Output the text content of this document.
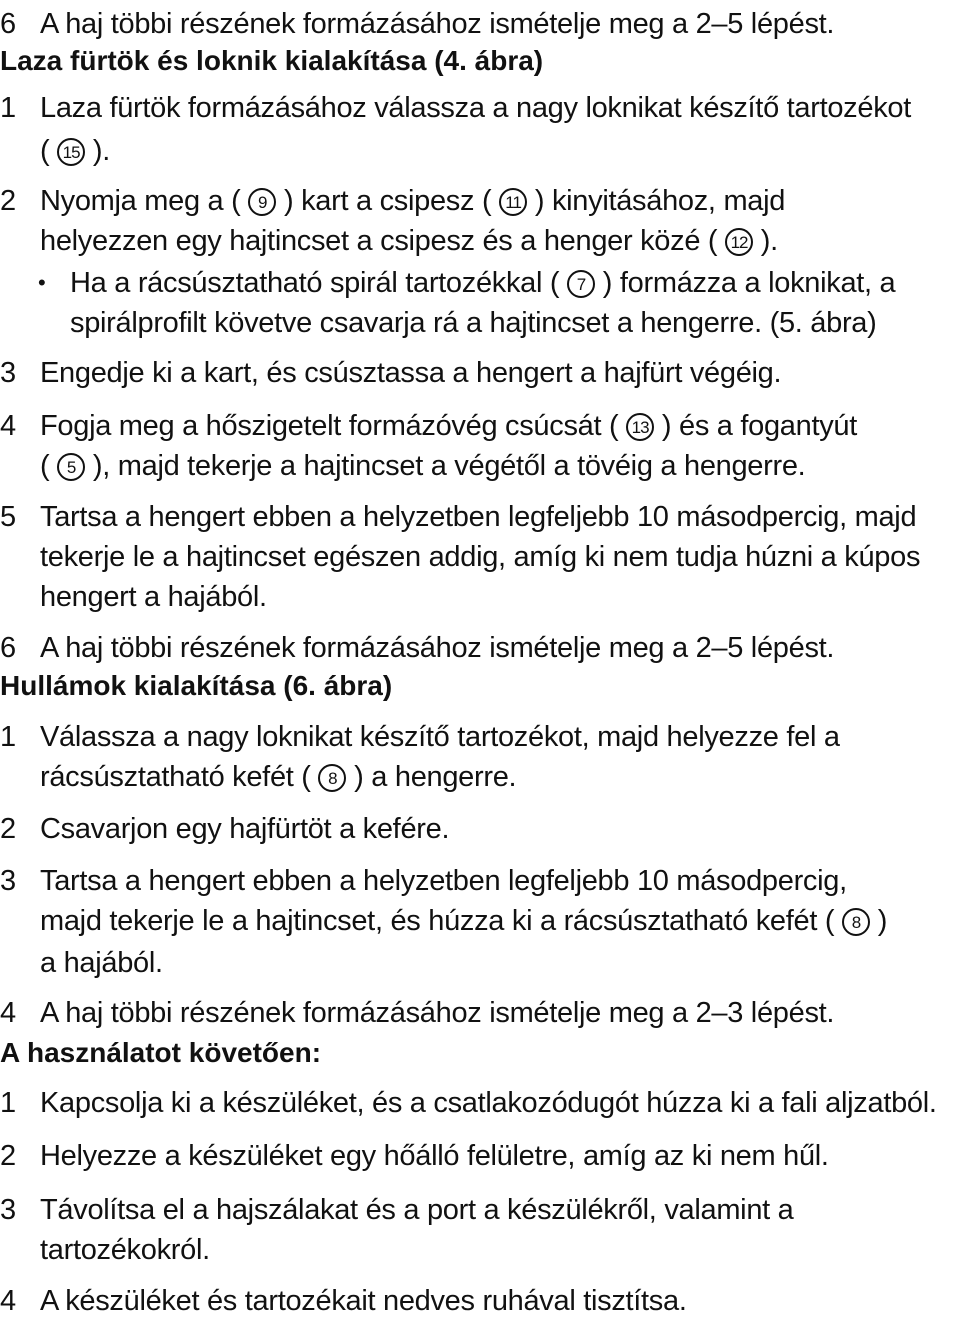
6 A haj többi részének formázásához ismételje meg a 2–5 lépést.
Laza fürtök és loknik kialakítása (4. ábra)
1 Laza fürtök formázásához válassza a nagy loknikat készítő tartozékot
( 15 ).
2 Nyomja meg a ( 9 ) kart a csipesz ( 11 ) kinyitásához, majd
helyezzen egy hajtincset a csipesz és a henger közé ( 12 ).
• Ha a rácsúsztatható spirál tartozékkal ( 7 ) formázza a loknikat, a
spirálprofilt követve csavarja rá a hajtincset a hengerre. (5. ábra)
3 Engedje ki a kart, és csúsztassa a hengert a hajfürt végéig.
4 Fogja meg a hőszigetelt formázóvég csúcsát ( 13 ) és a fogantyút
( 5 ), majd tekerje a hajtincset a végétől a tövéig a hengerre.
5 Tartsa a hengert ebben a helyzetben legfeljebb 10 másodpercig, majd
tekerje le a hajtincset egészen addig, amíg ki nem tudja húzni a kúpos
hengert a hajából.
6 A haj többi részének formázásához ismételje meg a 2–5 lépést.
Hullámok kialakítása (6. ábra)
1 Válassza a nagy loknikat készítő tartozékot, majd helyezze fel a
rácsúsztatható kefét ( 8 ) a hengerre.
2 Csavarjon egy hajfürtöt a kefére.
3 Tartsa a hengert ebben a helyzetben legfeljebb 10 másodpercig,
majd tekerje le a hajtincset, és húzza ki a rácsúsztatható kefét ( 8 )
a hajából.
4 A haj többi részének formázásához ismételje meg a 2–3 lépést.
A használatot követően:
1 Kapcsolja ki a készüléket, és a csatlakozódugót húzza ki a fali aljzatból.
2 Helyezze a készüléket egy hőálló felületre, amíg az ki nem hűl.
3 Távolítsa el a hajszálakat és a port a készülékről, valamint a
tartozékokról.
4 A készüléket és tartozékait nedves ruhával tisztítsa.
